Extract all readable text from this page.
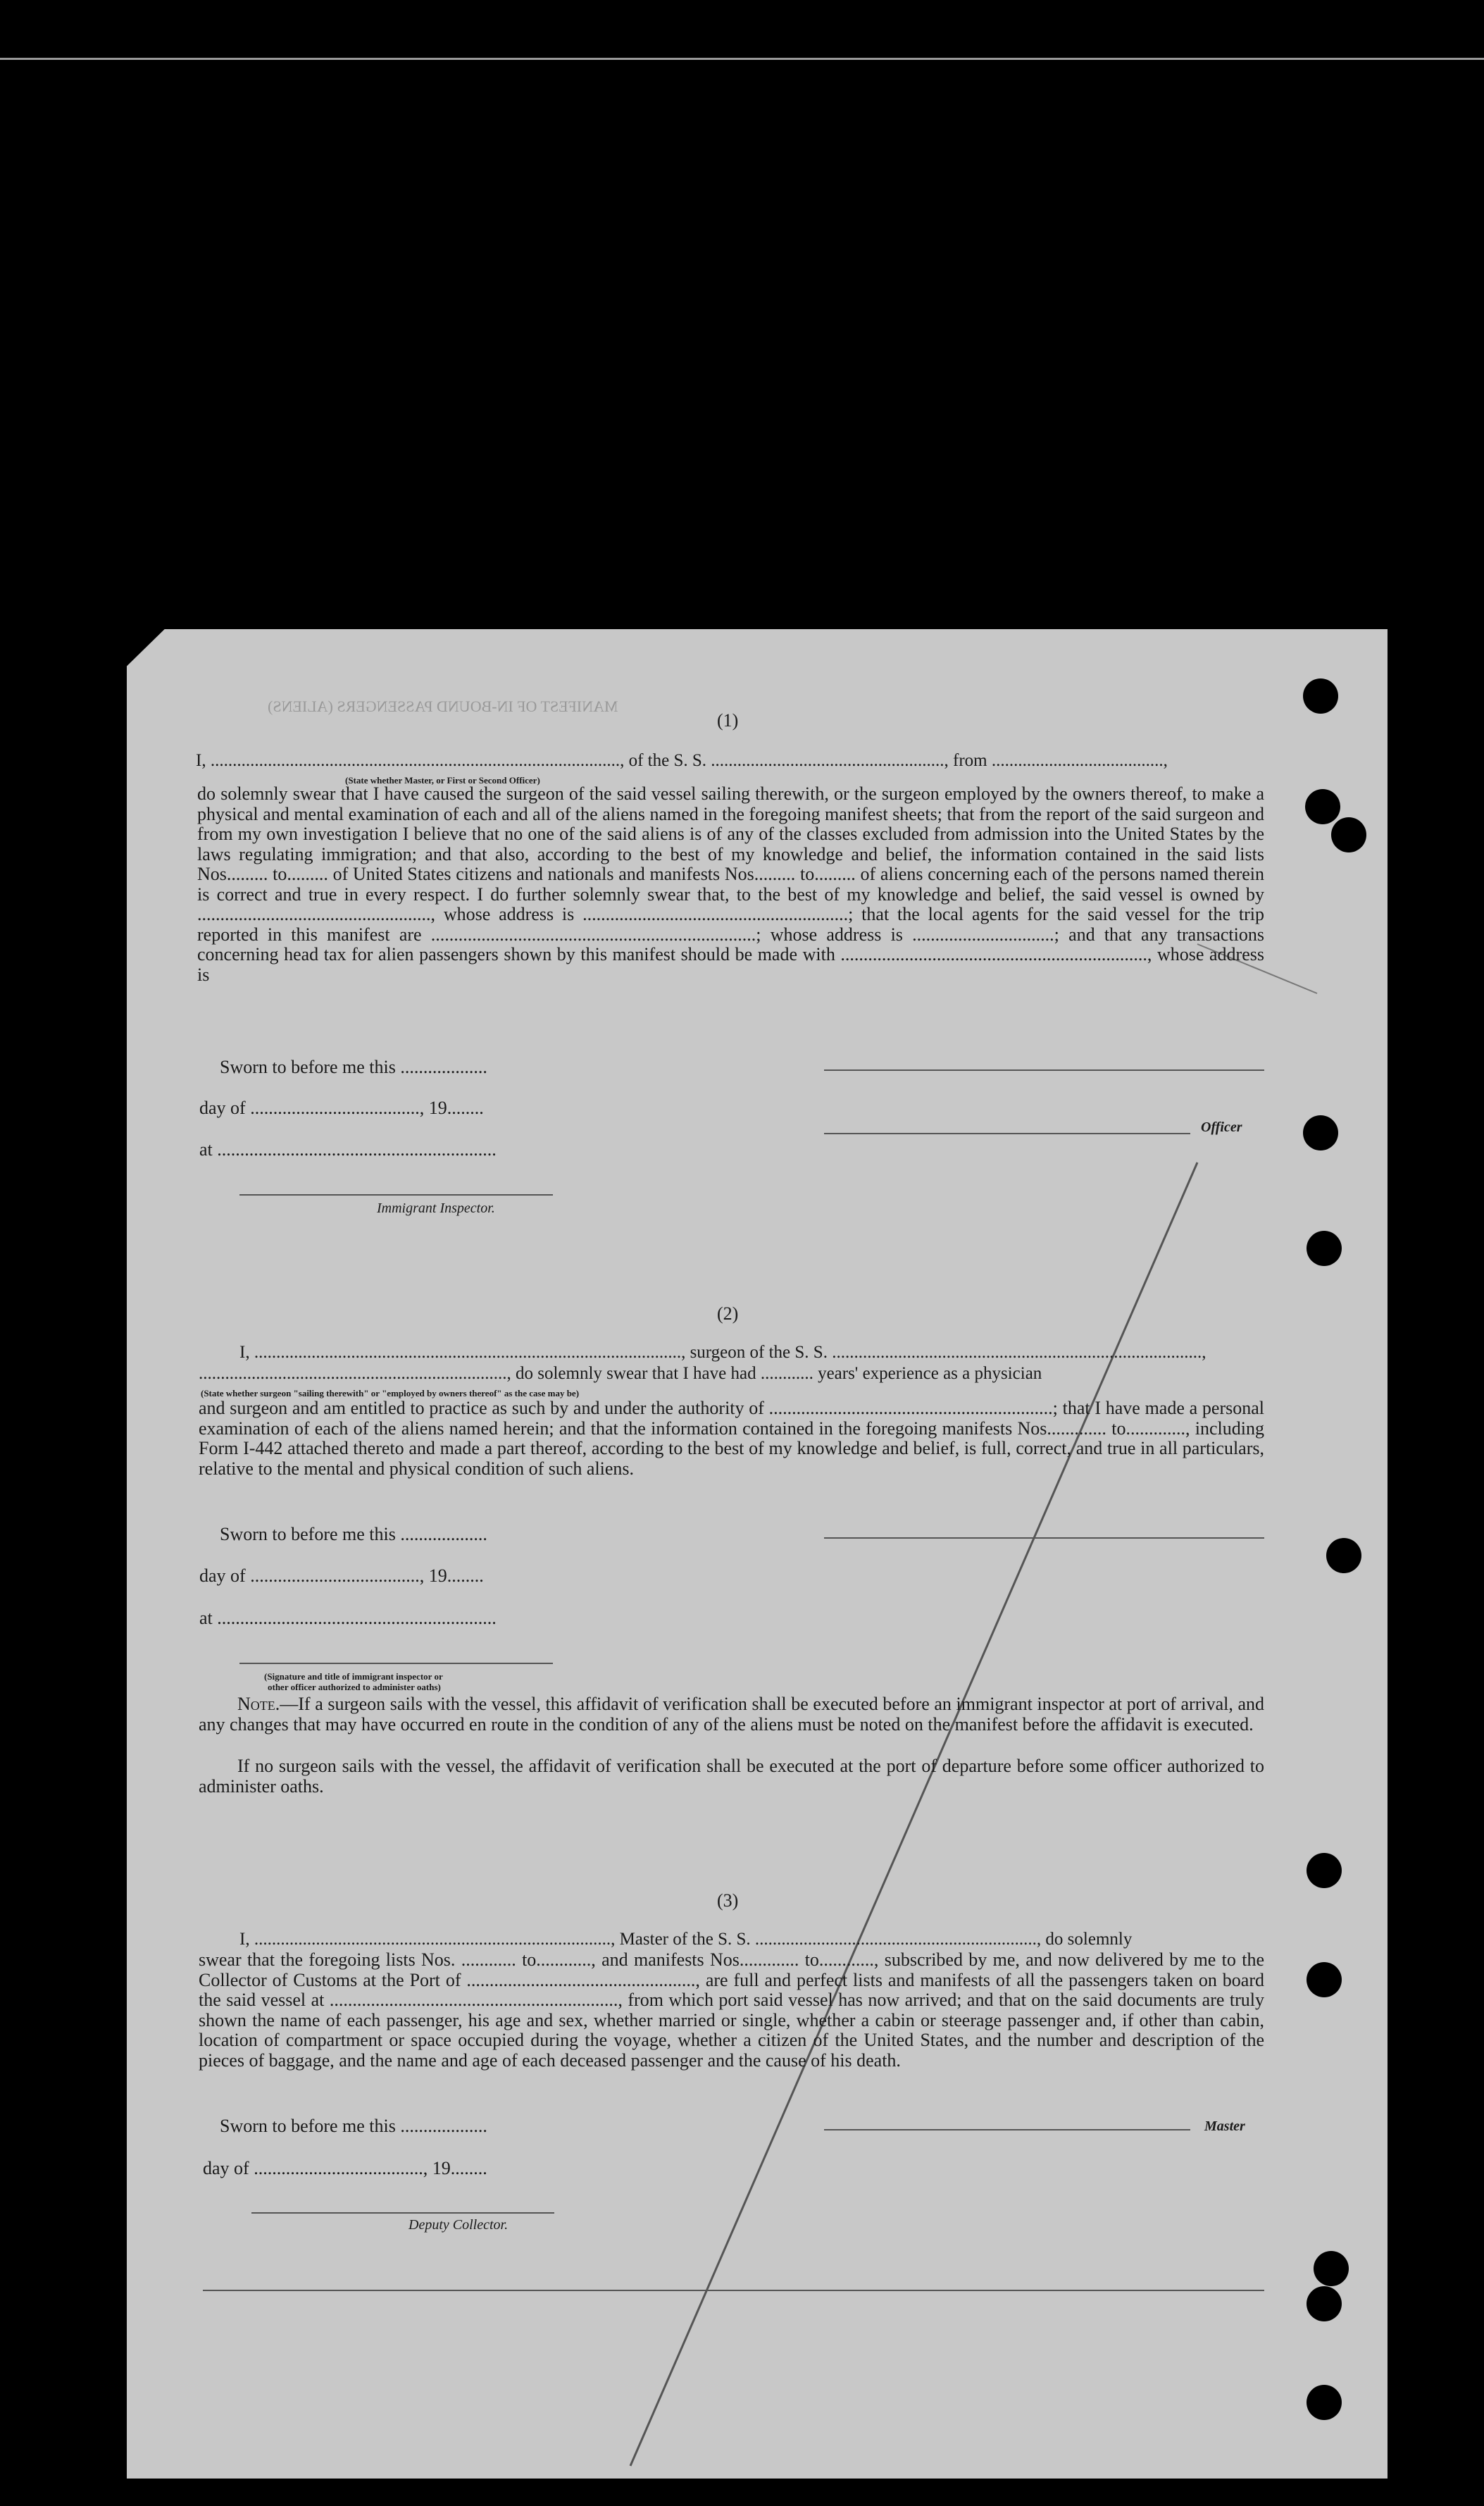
MANIFEST OF IN-BOUND PASSENGERS (ALIENS)
(1)
I, ............................................................................................., of the S. S. ....................................................., from .......................................,
(State whether Master, or First or Second Officer)
do solemnly swear that I have caused the surgeon of the said vessel sailing therewith, or the surgeon employed by the owners thereof, to make a physical and mental examination of each and all of the aliens named in the foregoing manifest sheets; that from the report of the said surgeon and from my own investigation I believe that no one of the said aliens is of any of the classes excluded from admission into the United States by the laws regulating immigration; and that also, according to the best of my knowledge and belief, the information contained in the said lists Nos......... to......... of United States citizens and nationals and manifests Nos......... to......... of aliens concerning each of the persons named therein is correct and true in every respect. I do further solemnly swear that, to the best of my knowledge and belief, the said vessel is owned by ..................................................., whose address is ..........................................................; that the local agents for the said vessel for the trip reported in this manifest are .......................................................................; whose address is ...............................; and that any transactions concerning head tax for alien passengers shown by this manifest should be made with ..................................................................., whose address is
Sworn to before me this ...................
day of ....................................., 19........
at .............................................................
Officer
Immigrant Inspector.
(2)
I, ................................................................................................., surgeon of the S. S. ....................................................................................,
......................................................................, do solemnly swear that I have had ............ years' experience as a physician
(State whether surgeon "sailing therewith" or "employed by owners thereof" as the case may be)
and surgeon and am entitled to practice as such by and under the authority of ..............................................................; that I have made a personal examination of each of the aliens named herein; and that the information contained in the foregoing manifests Nos............. to............., including Form I-442 attached thereto and made a part thereof, according to the best of my knowledge and belief, is full, correct, and true in all particulars, relative to the mental and physical condition of such aliens.
Sworn to before me this ...................
day of ....................................., 19........
at .............................................................
(Signature and title of immigrant inspector or
other officer authorized to administer oaths)
Note.—If a surgeon sails with the vessel, this affidavit of verification shall be executed before an immigrant inspector at port of arrival, and any changes that may have occurred en route in the condition of any of the aliens must be noted on the manifest before the affidavit is executed.
If no surgeon sails with the vessel, the affidavit of verification shall be executed at the port of departure before some officer authorized to administer oaths.
(3)
I, ................................................................................., Master of the S. S. ................................................................, do solemnly
swear that the foregoing lists Nos. ............ to............, and manifests Nos............. to............, subscribed by me, and now delivered by me to the Collector of Customs at the Port of .................................................., are full and perfect lists and manifests of all the passengers taken on board the said vessel at ..............................................................., from which port said vessel has now arrived; and that on the said documents are truly shown the name of each passenger, his age and sex, whether married or single, whether a cabin or steerage passenger and, if other than cabin, location of compartment or space occupied during the voyage, whether a citizen of the United States, and the number and description of the pieces of baggage, and the name and age of each deceased passenger and the cause of his death.
Sworn to before me this ...................	Master
day of ....................................., 19........
Deputy Collector.
